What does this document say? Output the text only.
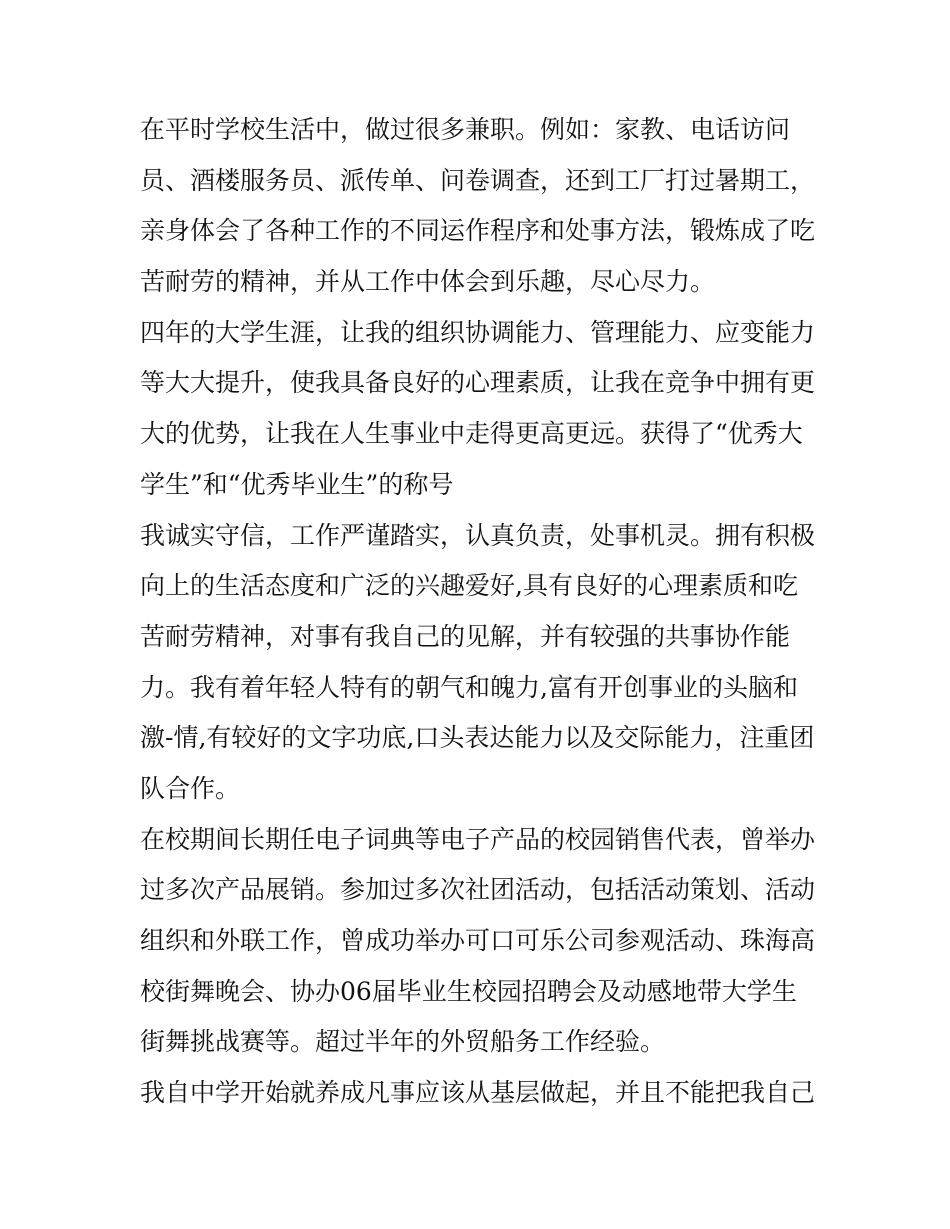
在平时学校生活中，做过很多兼职。例如：家教、电话访问
员、酒楼服务员、派传单、问卷调查，还到工厂打过暑期工，
亲身体会了各种工作的不同运作程序和处事方法，锻炼成了吃
苦耐劳的精神，并从工作中体会到乐趣，尽心尽力。
四年的大学生涯，让我的组织协调能力、管理能力、应变能力
等大大提升，使我具备良好的心理素质，让我在竞争中拥有更
大的优势，让我在人生事业中走得更高更远。获得了“优秀大
学生”和“优秀毕业生”的称号
我诚实守信，工作严谨踏实，认真负责，处事机灵。拥有积极
向上的生活态度和广泛的兴趣爱好,具有良好的心理素质和吃
苦耐劳精神，对事有我自己的见解，并有较强的共事协作能
力。我有着年轻人特有的朝气和魄力,富有开创事业的头脑和
激-情,有较好的文字功底,口头表达能力以及交际能力，注重团
队合作。
在校期间长期任电子词典等电子产品的校园销售代表，曾举办
过多次产品展销。参加过多次社团活动，包括活动策划、活动
组织和外联工作，曾成功举办可口可乐公司参观活动、珠海高
校街舞晚会、协办06届毕业生校园招聘会及动感地带大学生
街舞挑战赛等。超过半年的外贸船务工作经验。
我自中学开始就养成凡事应该从基层做起，并且不能把我自己
